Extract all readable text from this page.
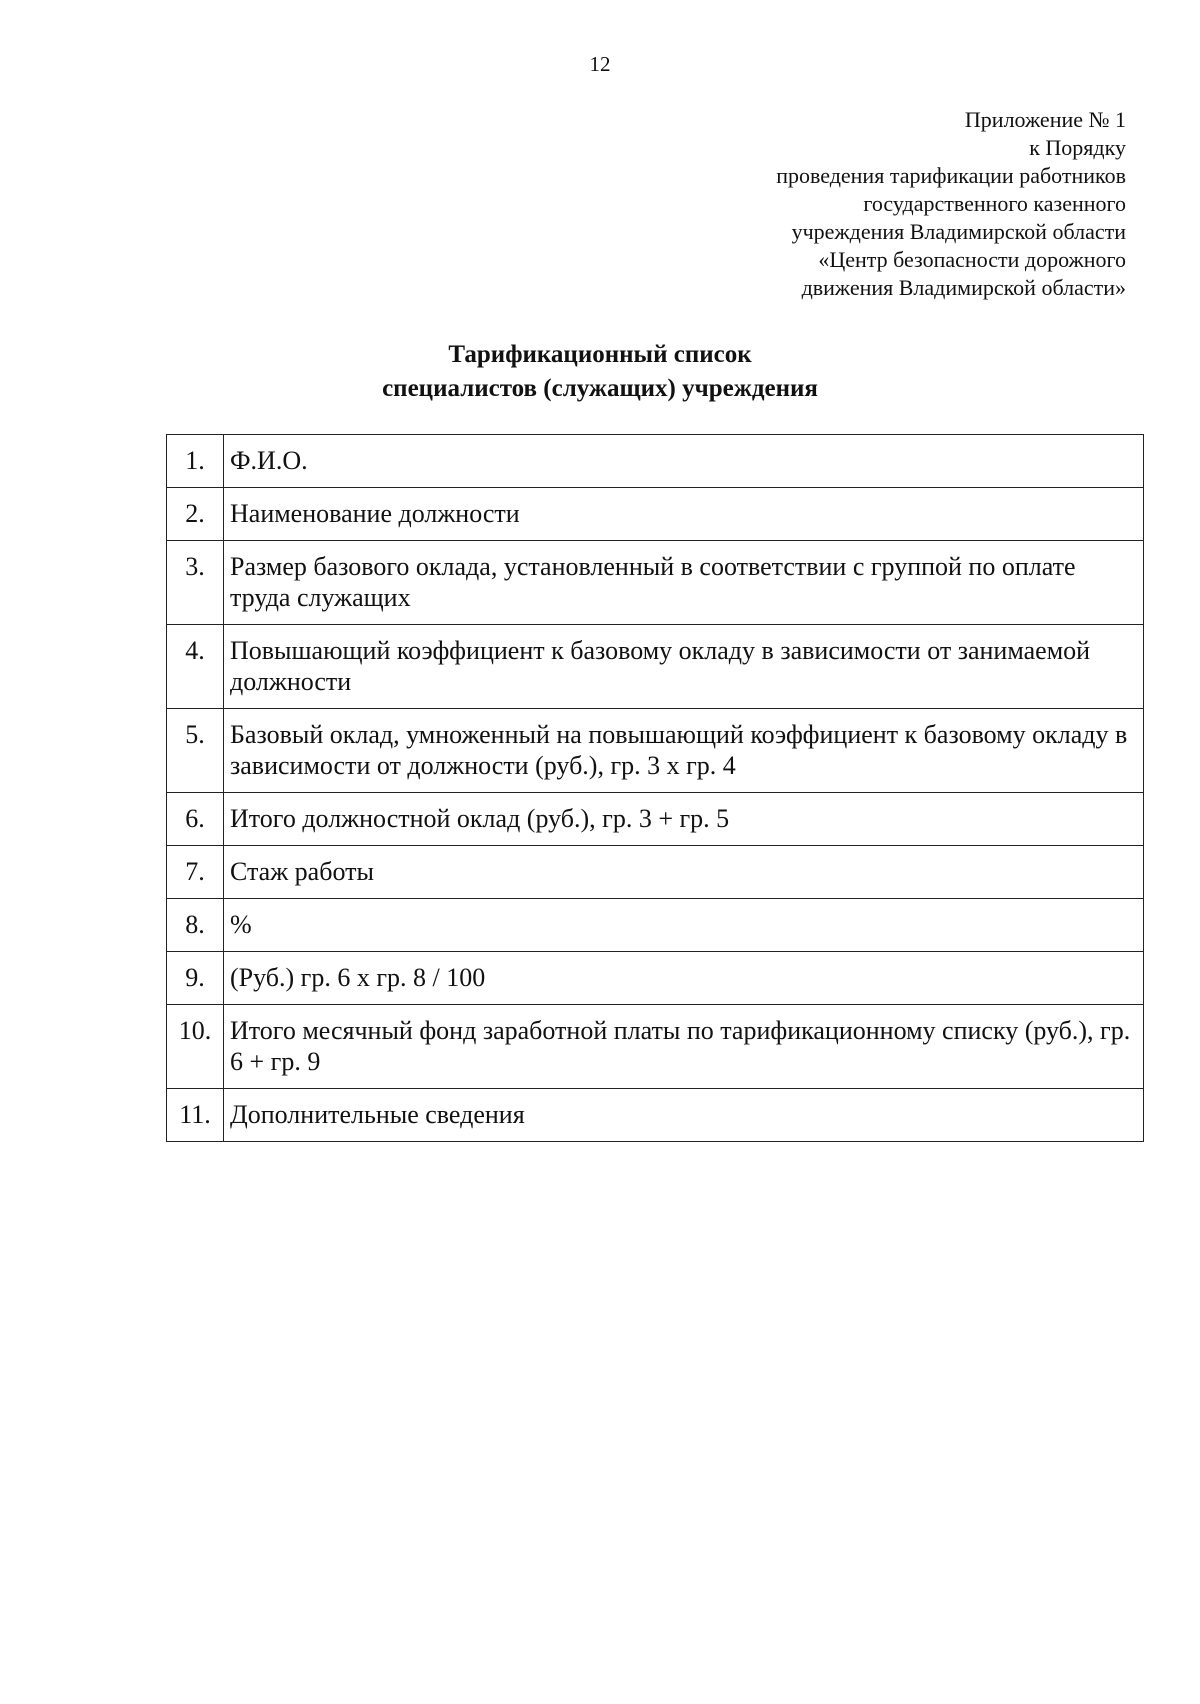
12
Приложение № 1
к Порядку
проведения тарификации работников
государственного казенного
учреждения Владимирской области
«Центр безопасности дорожного
движения Владимирской области»
Тарификационный список
специалистов (служащих) учреждения
1.	Ф.И.О.
2.	Наименование должности
3.	Размер базового оклада, установленный в соответствии с группой по оплате труда служащих
4.	Повышающий коэффициент к базовому окладу в зависимости от занимаемой должности
5.	Базовый оклад, умноженный на повышающий коэффициент к базовому окладу в зависимости от должности (руб.), гр. 3 х гр. 4
6.	Итого должностной оклад (руб.), гр. 3 + гр. 5
7.	Стаж работы
8.	%
9.	(Руб.) гр. 6 х гр. 8 / 100
10.	Итого месячный фонд заработной платы по тарификационному списку (руб.), гр. 6 + гр. 9
11.	Дополнительные сведения
